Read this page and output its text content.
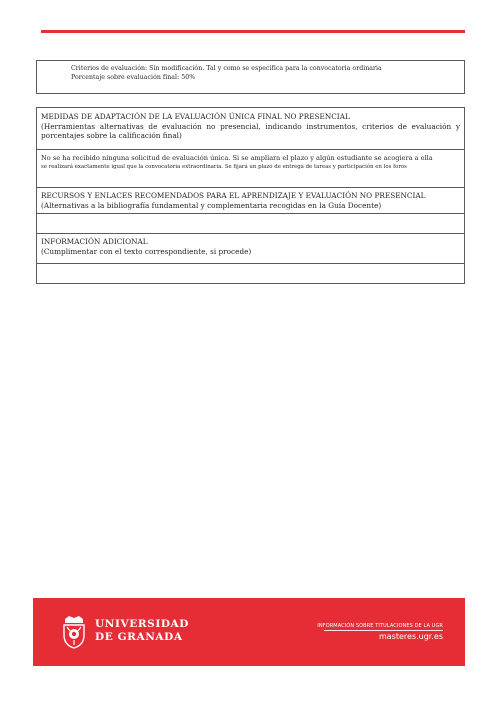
Criterios de evaluación: Sin modificación. Tal y como se especifica para la convocatoria ordinaria
Porcentaje sobre evaluación final: 50%
MEDIDAS DE ADAPTACIÓN DE LA EVALUACIÓN ÚNICA FINAL NO PRESENCIAL
(Herramientas alternativas de evaluación no presencial, indicando instrumentos, criterios de evaluación y porcentajes sobre la calificación final)
No se ha recibido ninguna solicitud de evaluación única. Si se ampliara el plazo y algún estudiante se acogiera a ella
se realizará exactamente igual que la convocatoria extraordinaria. Se fijará un plazo de entrega de tareas y participación en los foros
RECURSOS Y ENLACES RECOMENDADOS PARA EL APRENDIZAJE Y EVALUACIÓN NO PRESENCIAL
(Alternativas a la bibliografía fundamental y complementaria recogidas en la Guía Docente)
INFORMACIÓN ADICIONAL
(Cumplimentar con el texto correspondiente, si procede)
UNIVERSIDAD
DE GRANADA
INFORMACIÓN SOBRE TITULACIONES DE LA UGR
masteres.ugr.es
